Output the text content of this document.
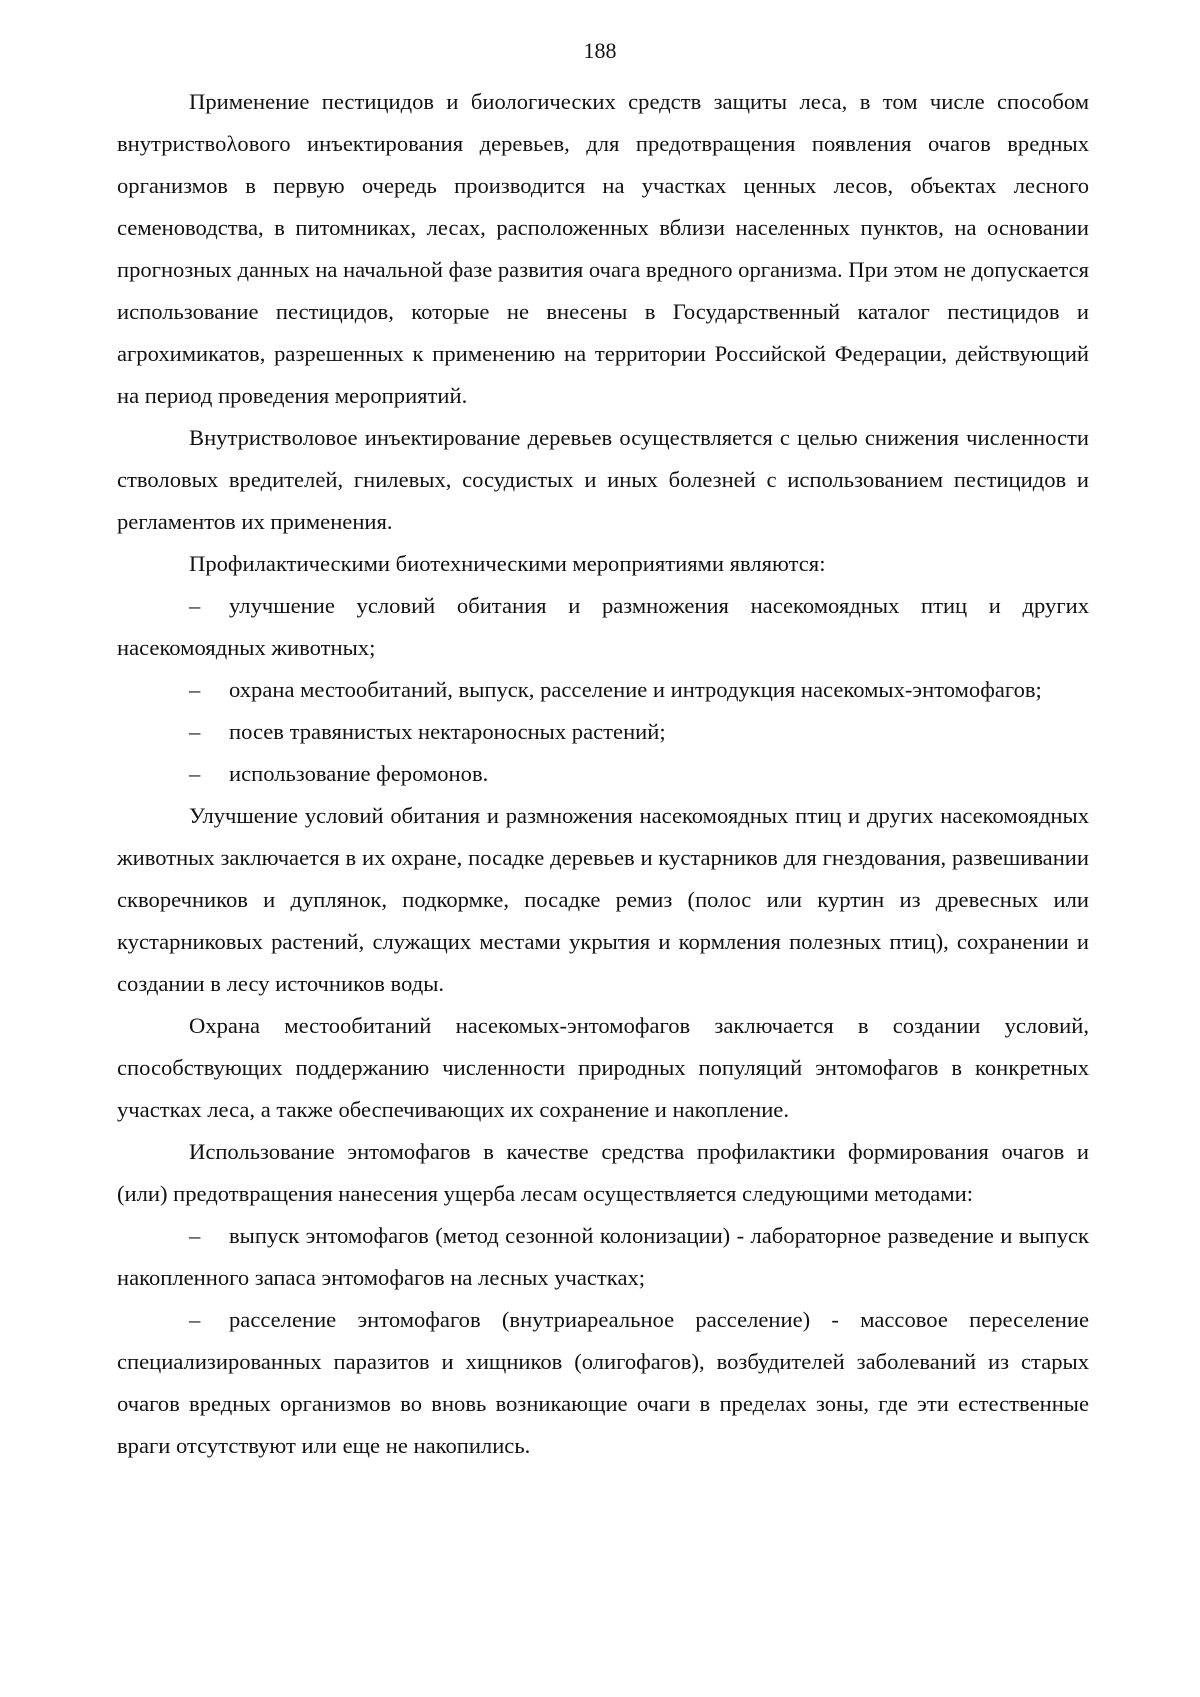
188

Применение пестицидов и биологических средств защиты леса, в том числе способом внутриствολового инъектирования деревьев, для предотвращения появления очагов вредных организмов в первую очередь производится на участках ценных лесов, объектах лесного семеноводства, в питомниках, лесах, расположенных вблизи населенных пунктов, на основании прогнозных данных на начальной фазе развития очага вредного организма. При этом не допускается использование пестицидов, которые не внесены в Государственный каталог пестицидов и агрохимикатов, разрешенных к применению на территории Российской Федерации, действующий на период проведения мероприятий.

Внутриствοловое инъектирование деревьев осуществляется с целью снижения численности стволовых вредителей, гнилевых, сосудистых и иных болезней с использованием пестицидов и регламентов их применения.

Профилактическими биотехническими мероприятиями являются:

– улучшение условий обитания и размножения насекомоядных птиц и других насекомоядных животных;

– охрана местообитаний, выпуск, расселение и интродукция насекомых-энтомофагов;

– посев травянистых нектароносных растений;

– использование феромонов.

Улучшение условий обитания и размножения насекомоядных птиц и других насекомоядных животных заключается в их охране, посадке деревьев и кустарников для гнездования, развешивании скворечников и дуплянок, подкормке, посадке ремиз (полос или куртин из древесных или кустарниковых растений, служащих местами укрытия и кормления полезных птиц), сохранении и создании в лесу источников воды.

Охрана местообитаний насекомых-энтомофагов заключается в создании условий, способствующих поддержанию численности природных популяций энтомофагов в конкретных участках леса, а также обеспечивающих их сохранение и накопление.

Использование энтомофагов в качестве средства профилактики формирования очагов и (или) предотвращения нанесения ущерба лесам осуществляется следующими методами:

– выпуск энтомофагов (метод сезонной колонизации) - лабораторное разведение и выпуск накопленного запаса энтомофагов на лесных участках;

– расселение энтомофагов (внутриареальное расселение) - массовое переселение специализированных паразитов и хищников (олигофагов), возбудителей заболеваний из старых очагов вредных организмов во вновь возникающие очаги в пределах зоны, где эти естественные враги отсутствуют или еще не накопились.
